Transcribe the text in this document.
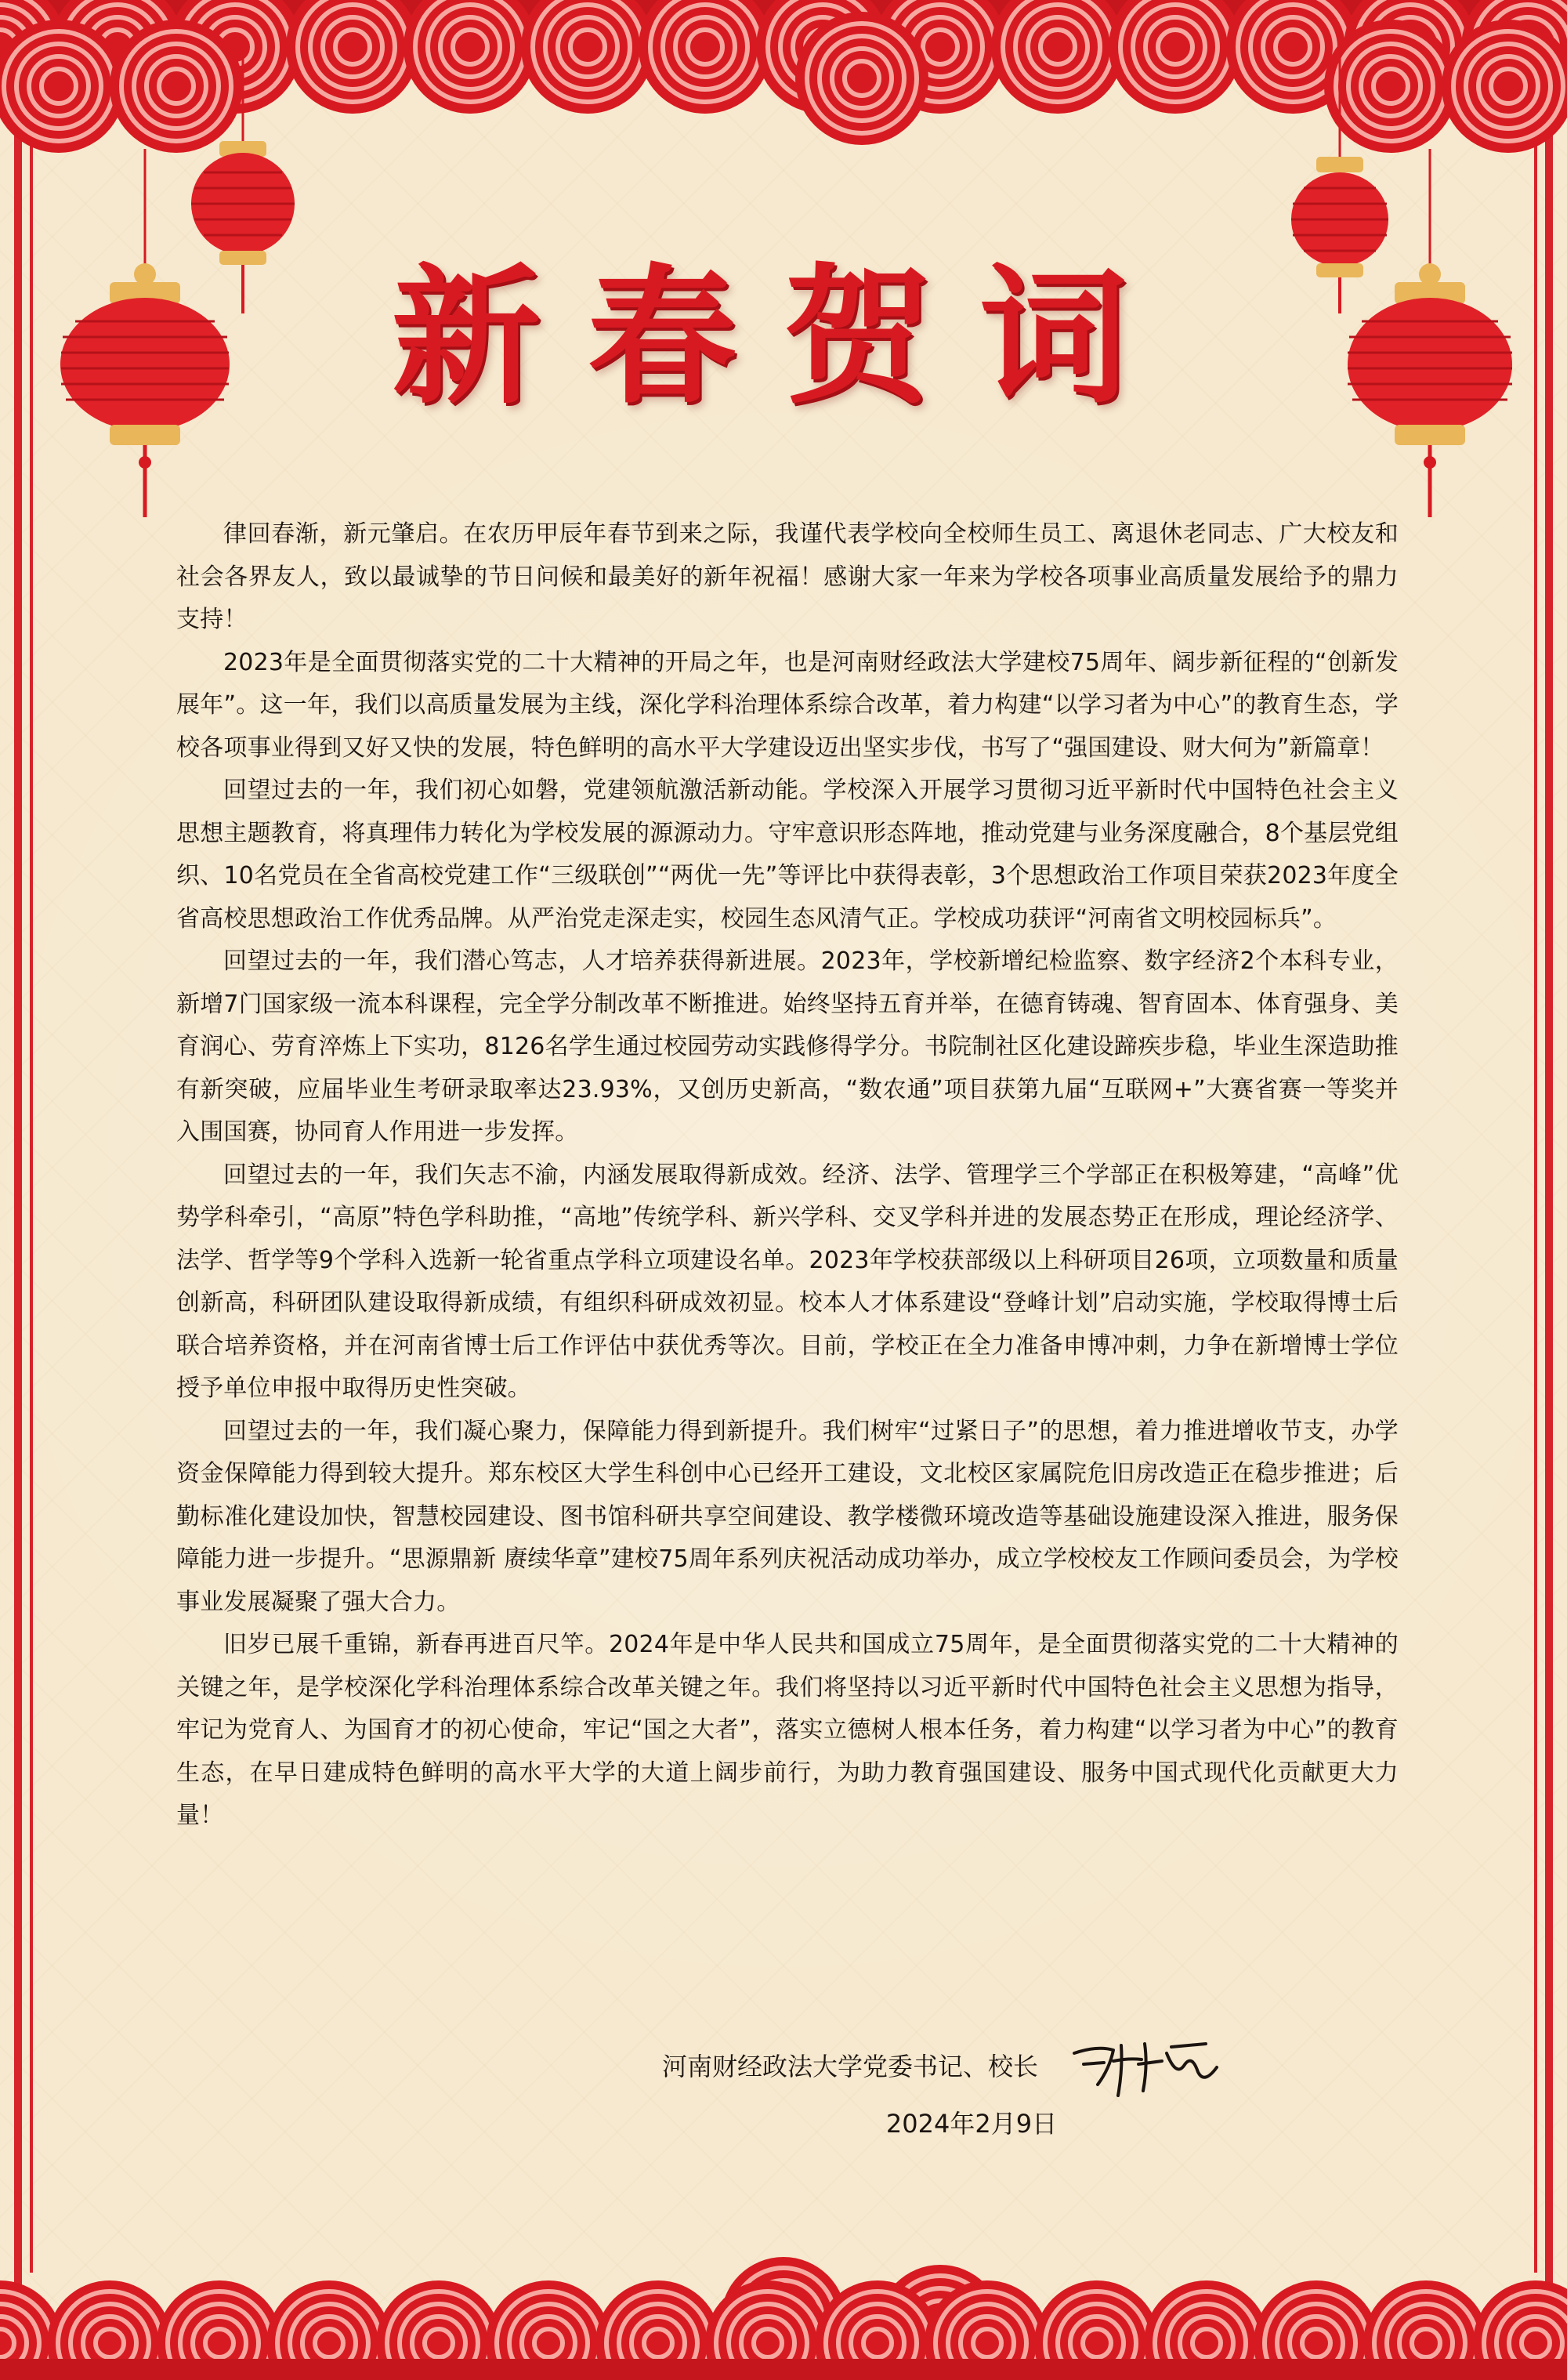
新春贺词

律回春渐，新元肇启。在农历甲辰年春节到来之际，我谨代表学校向全校师生员工、离退休老同志、广大校友和社会各界友人，致以最诚挚的节日问候和最美好的新年祝福！感谢大家一年来为学校各项事业高质量发展给予的鼎力支持！

2023年是全面贯彻落实党的二十大精神的开局之年，也是河南财经政法大学建校75周年、阔步新征程的“创新发展年”。这一年，我们以高质量发展为主线，深化学科治理体系综合改革，着力构建“以学习者为中心”的教育生态，学校各项事业得到又好又快的发展，特色鲜明的高水平大学建设迈出坚实步伐，书写了“强国建设、财大何为”新篇章！

回望过去的一年，我们初心如磐，党建领航激活新动能。学校深入开展学习贯彻习近平新时代中国特色社会主义思想主题教育，将真理伟力转化为学校发展的源源动力。守牢意识形态阵地，推动党建与业务深度融合，8个基层党组织、10名党员在全省高校党建工作“三级联创”“两优一先”等评比中获得表彰，3个思想政治工作项目荣获2023年度全省高校思想政治工作优秀品牌。从严治党走深走实，校园生态风清气正。学校成功获评“河南省文明校园标兵”。

回望过去的一年，我们潜心笃志，人才培养获得新进展。2023年，学校新增纪检监察、数字经济2个本科专业，新增7门国家级一流本科课程，完全学分制改革不断推进。始终坚持五育并举，在德育铸魂、智育固本、体育强身、美育润心、劳育淬炼上下实功，8126名学生通过校园劳动实践修得学分。书院制社区化建设蹄疾步稳，毕业生深造助推有新突破，应届毕业生考研录取率达23.93%，又创历史新高，“数农通”项目获第九届“互联网+”大赛省赛一等奖并入围国赛，协同育人作用进一步发挥。

回望过去的一年，我们矢志不渝，内涵发展取得新成效。经济、法学、管理学三个学部正在积极筹建，“高峰”优势学科牵引，“高原”特色学科助推，“高地”传统学科、新兴学科、交叉学科并进的发展态势正在形成，理论经济学、法学、哲学等9个学科入选新一轮省重点学科立项建设名单。2023年学校获部级以上科研项目26项，立项数量和质量创新高，科研团队建设取得新成绩，有组织科研成效初显。校本人才体系建设“登峰计划”启动实施，学校取得博士后联合培养资格，并在河南省博士后工作评估中获优秀等次。目前，学校正在全力准备申博冲刺，力争在新增博士学位授予单位申报中取得历史性突破。

回望过去的一年，我们凝心聚力，保障能力得到新提升。我们树牢“过紧日子”的思想，着力推进增收节支，办学资金保障能力得到较大提升。郑东校区大学生科创中心已经开工建设，文北校区家属院危旧房改造正在稳步推进；后勤标准化建设加快，智慧校园建设、图书馆科研共享空间建设、教学楼微环境改造等基础设施建设深入推进，服务保障能力进一步提升。“思源鼎新 赓续华章”建校75周年系列庆祝活动成功举办，成立学校校友工作顾问委员会，为学校事业发展凝聚了强大合力。

旧岁已展千重锦，新春再进百尺竿。2024年是中华人民共和国成立75周年，是全面贯彻落实党的二十大精神的关键之年，是学校深化学科治理体系综合改革关键之年。我们将坚持以习近平新时代中国特色社会主义思想为指导，牢记为党育人、为国育才的初心使命，牢记“国之大者”，落实立德树人根本任务，着力构建“以学习者为中心”的教育生态，在早日建成特色鲜明的高水平大学的大道上阔步前行，为助力教育强国建设、服务中国式现代化贡献更大力量！

河南财经政法大学党委书记、校长
2024年2月9日
